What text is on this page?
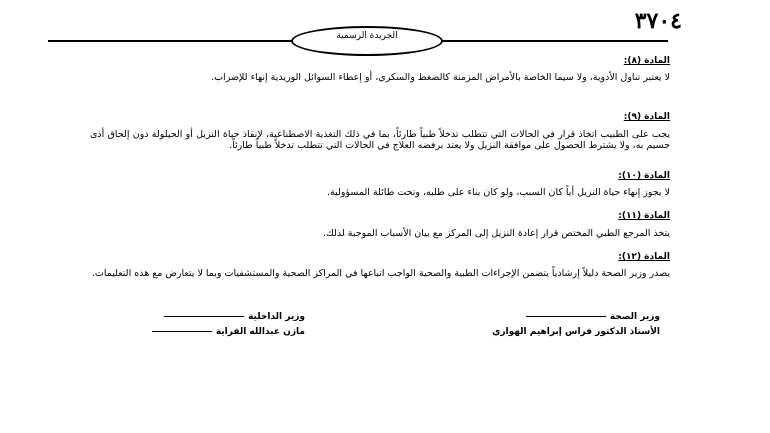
٣٧٠٤
الجريدة الرسمية
المادة (٨):
لا يعتبر تناول الأدوية، ولا سيما الخاصة بالأمراض المزمنة كالضغط والسكري، أو إعطاء السوائل الوريدية إنهاء للإضراب.
المادة (٩):
يجب على الطبيب اتخاذ قرار في الحالات التي تتطلب تدخلاً طبياً طارئاً، بما في ذلك التغذية الاصطناعية، لإنقاذ حياة النزيل أو الحيلولة دون إلحاق أذى جسيم به، ولا يشترط الحصول على موافقة النزيل ولا يعتد برفضه العلاج في الحالات التي تتطلب تدخلاً طبياً طارئاً.
المادة (١٠):
لا يجوز إنهاء حياة النزيل أياً كان السبب، ولو كان بناء على طلبه، وتحت طائلة المسؤولية.
المادة (١١):
يتخذ المرجع الطبي المختص قرار إعادة النزيل إلى المركز مع بيان الأسباب الموجبة لذلك.
المادة (١٢):
يصدر وزير الصحة دليلاً إرشادياً يتضمن الإجراءات الطبية والصحية الواجب اتباعها في المراكز الصحية والمستشفيات وبما لا يتعارض مع هذه التعليمات.
وزير الصحة
الأستاذ الدكتور فراس إبراهيم الهواري
وزير الداخلية
مازن عبدالله الفراية
